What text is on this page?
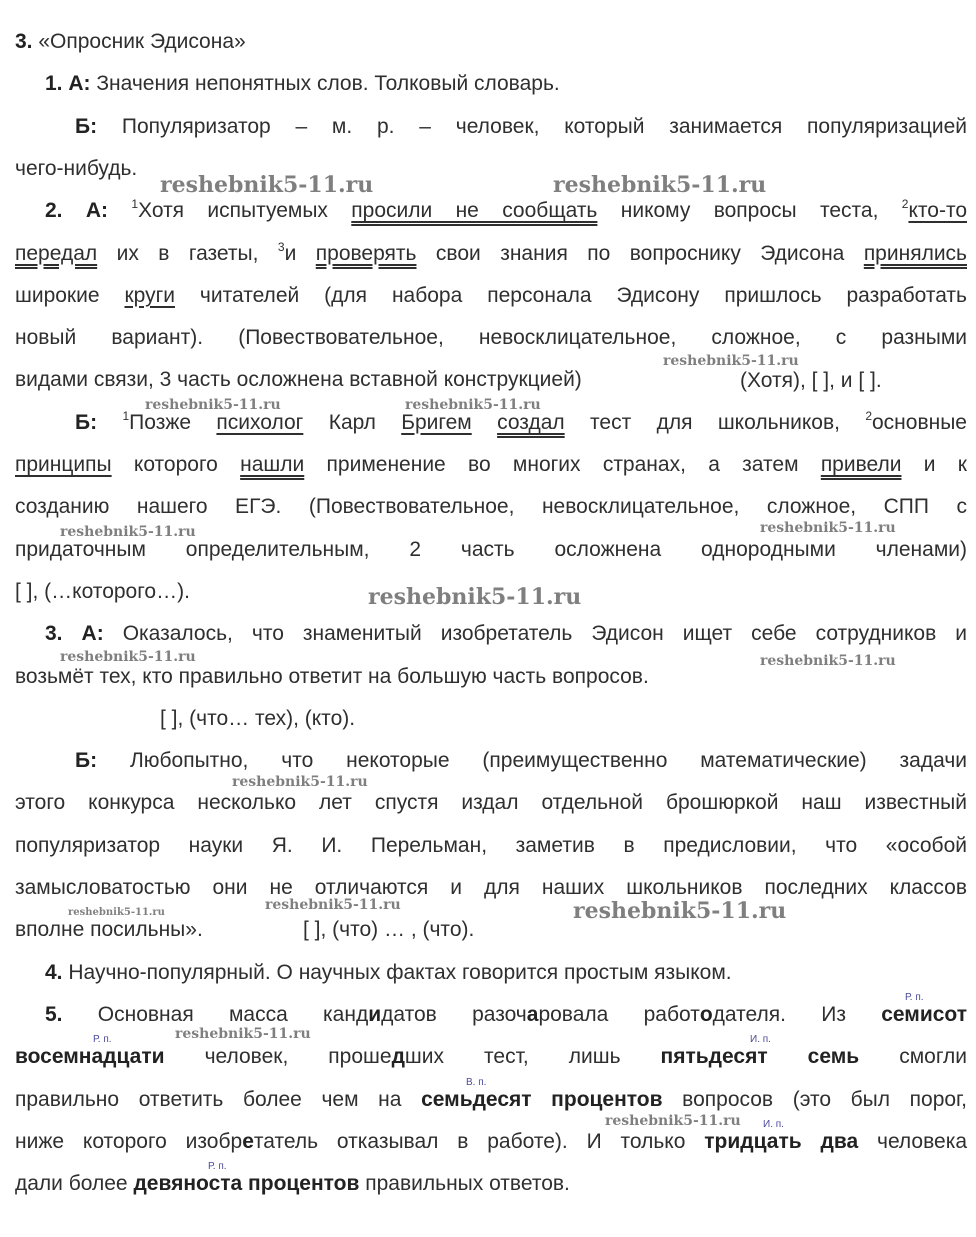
3. «Опросник Эдисона»
1. А: Значения непонятных слов. Толковый словарь.
Б: Популяризатор – м. р. – человек, который занимается популяризацией
чего-нибудь.
2. А: $^1$Хотя испытуемых просили не сообщать никому вопросы теста, $^2$кто-то
передал их в газеты, $^3$и проверять свои знания по вопроснику Эдисона принялись
широкие круги читателей (для набора персонала Эдисону пришлось разработать
новый вариант). (Повествовательное, невосклицательное, сложное, с разными
видами связи, 3 часть осложнена вставной конструкцией)
Б: $^1$Позже психолог Карл Бригем создал тест для школьников, $^2$основные
принципы которого нашли применение во многих странах, а затем привели и к
созданию нашего ЕГЭ. (Повествовательное, невосклицательное, сложное, СПП с
придаточным определительным, 2 часть осложнена однородными членами)
[ ], (…которого…).
3. А: Оказалось, что знаменитый изобретатель Эдисон ищет себе сотрудников и
возьмёт тех, кто правильно ответит на большую часть вопросов.
[ ], (что… тех), (кто).
Б: Любопытно, что некоторые (преимущественно математические) задачи
этого конкурса несколько лет спустя издал отдельной брошюркой наш известный
популяризатор науки Я. И. Перельман, заметив в предисловии, что «особой
замысловатостью они не отличаются и для наших школьников последних классов
вполне посильны».
4. Научно-популярный. О научных фактах говорится простым языком.
5. Основная масса кандидатов разочаровала работодателя. Из семисот
восемнадцати человек, прошедших тест, лишь пятьдесят семь смогли
правильно ответить более чем на семьдесят процентов вопросов (это был порог,
ниже которого изобретатель отказывал в работе). И только тридцать два человека
дали более девяноста процентов правильных ответов.
(Хотя), [ ], и [ ].
[ ], (что) … , (что).
Р. п.
Р. п.	И. п.
В. п.
И. п.
Р. п.
reshebnik5-11.ru	reshebnik5-11.ru
reshebnik5-11.ru
reshebnik5-11.ru
reshebnik5-11.ru
reshebnik5-11.ru	reshebnik5-11.ru
reshebnik5-11.ru	reshebnik5-11.ru
reshebnik5-11.ru	reshebnik5-11.ru
reshebnik5-11.ru
reshebnik5-11.ru
reshebnik5-11.ru
reshebnik5-11.ru
reshebnik5-11.ru
